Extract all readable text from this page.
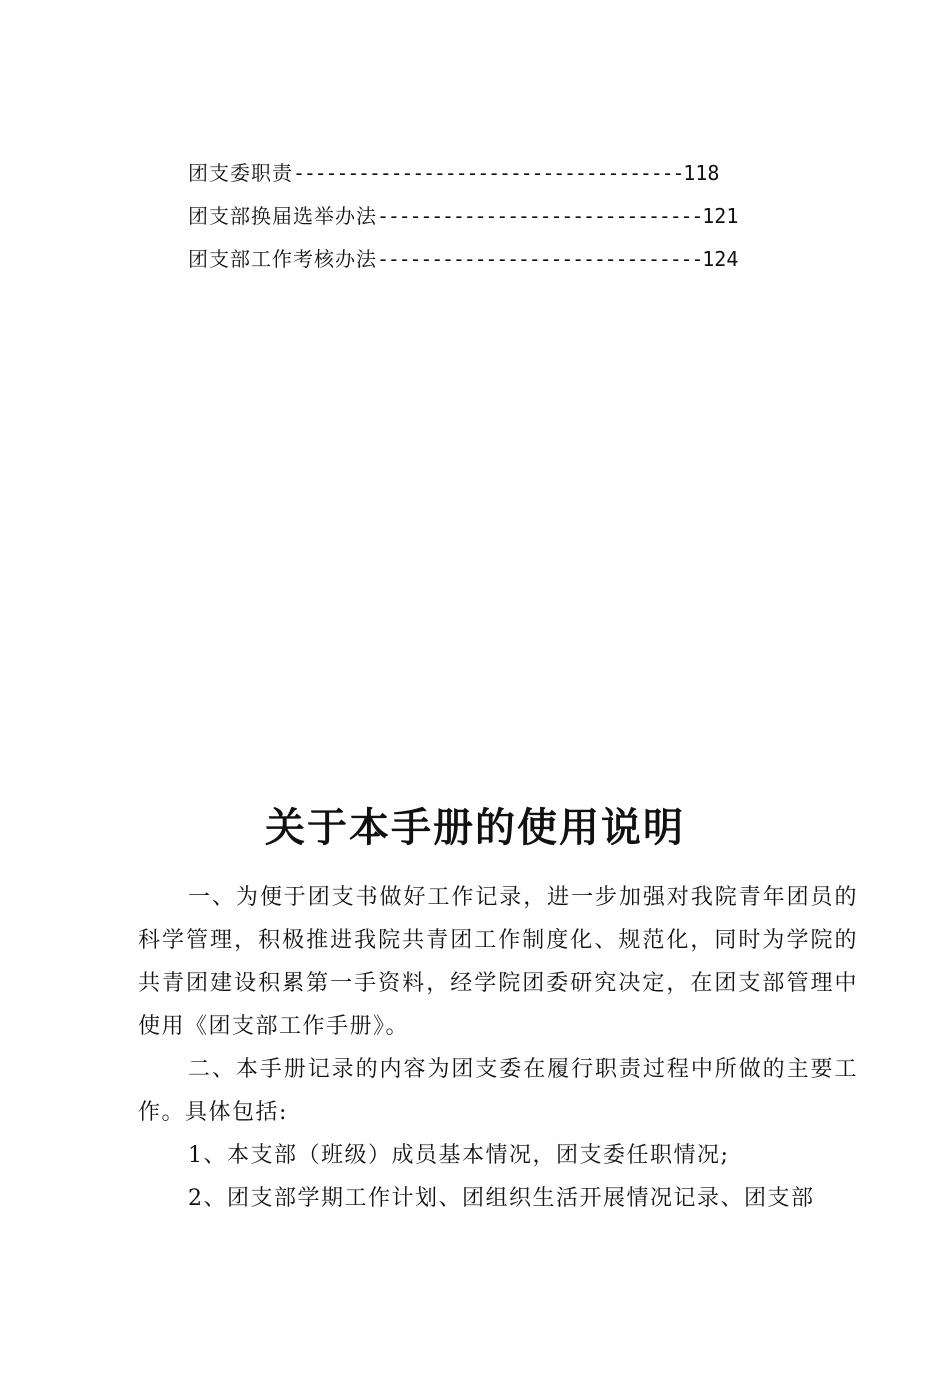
团支委职责------------------------------------118
团支部换届选举办法------------------------------121
团支部工作考核办法------------------------------124
关于本手册的使用说明

一、为便于团支书做好工作记录，进一步加强对我院青年团员的科学管理，积极推进我院共青团工作制度化、规范化，同时为学院的共青团建设积累第一手资料，经学院团委研究决定，在团支部管理中使用《团支部工作手册》。

二、本手册记录的内容为团支委在履行职责过程中所做的主要工作。具体包括:

1、本支部（班级）成员基本情况，团支委任职情况;

2、团支部学期工作计划、团组织生活开展情况记录、团支部
